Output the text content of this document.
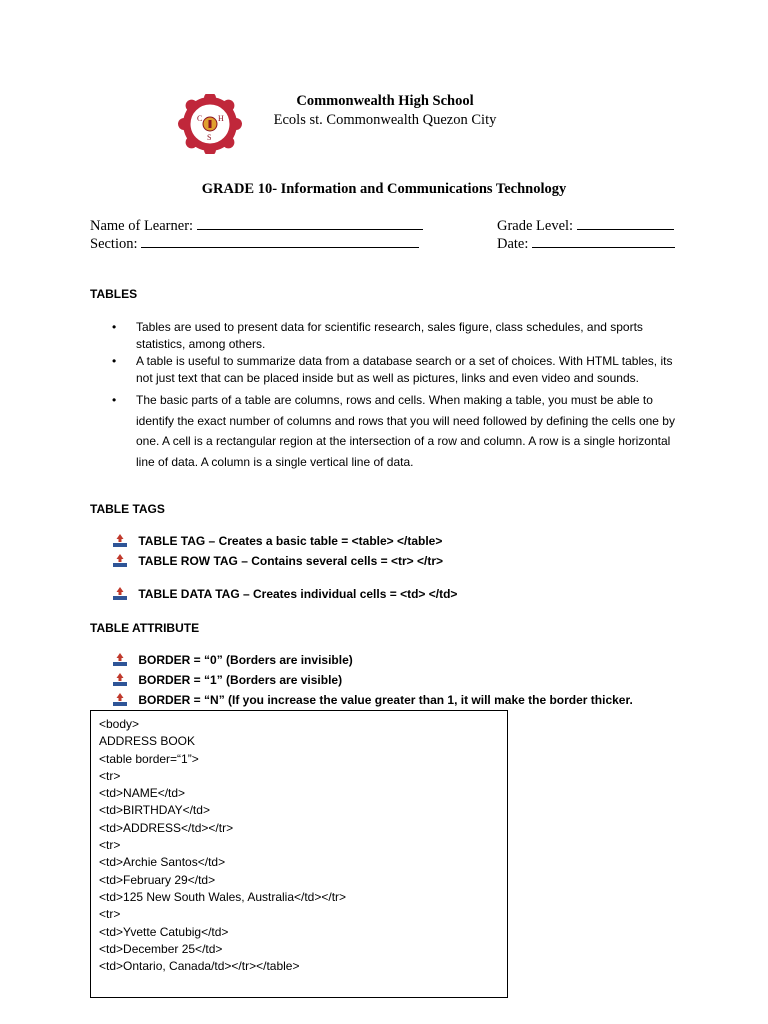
C H
S
Commonwealth High School
Ecols st. Commonwealth Quezon City
GRADE 10- Information and Communications Technology
Name of Learner:	Grade Level:
Section:	Date:
TABLES
• Tables are used to present data for scientific research, sales figure, class schedules, and sports statistics, among others.
• A table is useful to summarize data from a database search or a set of choices. With HTML tables, its not just text that can be placed inside but as well as pictures, links and even video and sounds.
• The basic parts of a table are columns, rows and cells. When making a table, you must be able to identify the exact number of columns and rows that you will need followed by defining the cells one by one. A cell is a rectangular region at the intersection of a row and column. A row is a single horizontal line of data. A column is a single vertical line of data.
TABLE TAGS
TABLE TAG – Creates a basic table = <table> </table>
TABLE ROW TAG – Contains several cells = <tr> </tr>
TABLE DATA TAG – Creates individual cells = <td> </td>
TABLE ATTRIBUTE
BORDER = “0” (Borders are invisible)
BORDER = “1” (Borders are visible)
BORDER = “N” (If you increase the value greater than 1, it will make the border thicker.
<body>
ADDRESS BOOK
<table border=“1”>
<tr>
<td>NAME</td>
<td>BIRTHDAY</td>
<td>ADDRESS</td></tr>
<tr>
<td>Archie Santos</td>
<td>February 29</td>
<td>125 New South Wales, Australia</td></tr>
<tr>
<td>Yvette Catubig</td>
<td>December 25</td>
<td>Ontario, Canada/td></tr></table>
